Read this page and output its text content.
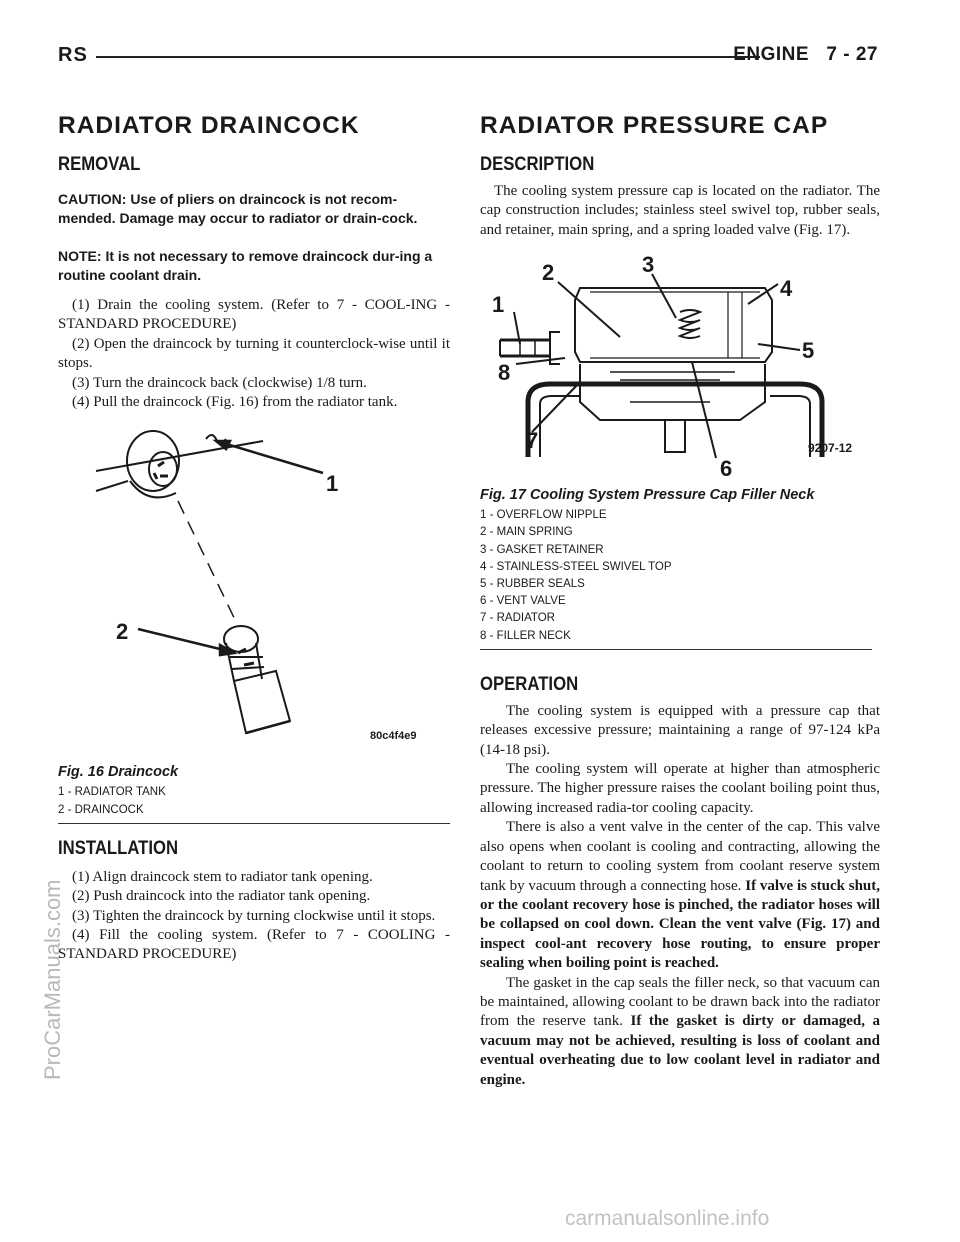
RS	ENGINE 7 - 27
ProCarManuals.com
carmanualsonline.info
RADIATOR DRAINCOCK
REMOVAL

CAUTION: Use of pliers on draincock is not recom-mended. Damage may occur to radiator or drain-cock.

NOTE: It is not necessary to remove draincock dur-ing a routine coolant drain.

(1) Drain the cooling system. (Refer to 7 - COOL-ING - STANDARD PROCEDURE)

(2) Open the draincock by turning it counterclock-wise until it stops.

(3) Turn the draincock back (clockwise) 1/8 turn.

(4) Pull the draincock (Fig. 16) from the radiator tank.

1
2
80c4f4e9

Fig. 16 Draincock

1 - RADIATOR TANK
2 - DRAINCOCK
INSTALLATION

(1) Align draincock stem to radiator tank opening.

(2) Push draincock into the radiator tank opening.

(3) Tighten the draincock by turning clockwise until it stops.

(4) Fill the cooling system. (Refer to 7 - COOLING - STANDARD PROCEDURE)

RADIATOR PRESSURE CAP
DESCRIPTION

The cooling system pressure cap is located on the radiator. The cap construction includes; stainless steel swivel top, rubber seals, and retainer, main spring, and a spring loaded valve (Fig. 17).

1
2	3
4
5
6
7
8
9207-12

Fig. 17 Cooling System Pressure Cap Filler Neck

1 - OVERFLOW NIPPLE
2 - MAIN SPRING
3 - GASKET RETAINER
4 - STAINLESS-STEEL SWIVEL TOP
5 - RUBBER SEALS
6 - VENT VALVE
7 - RADIATOR
8 - FILLER NECK
OPERATION

The cooling system is equipped with a pressure cap that releases excessive pressure; maintaining a range of 97-124 kPa (14-18 psi).

The cooling system will operate at higher than atmospheric pressure. The higher pressure raises the coolant boiling point thus, allowing increased radia-tor cooling capacity.

There is also a vent valve in the center of the cap. This valve also opens when coolant is cooling and contracting, allowing the coolant to return to cooling system from coolant reserve system tank by vacuum through a connecting hose. If valve is stuck shut, or the coolant recovery hose is pinched, the radiator hoses will be collapsed on cool down. Clean the vent valve (Fig. 17) and inspect cool-ant recovery hose routing, to ensure proper sealing when boiling point is reached.

The gasket in the cap seals the filler neck, so that vacuum can be maintained, allowing coolant to be drawn back into the radiator from the reserve tank. If the gasket is dirty or damaged, a vacuum may not be achieved, resulting is loss of coolant and eventual overheating due to low coolant level in radiator and engine.
